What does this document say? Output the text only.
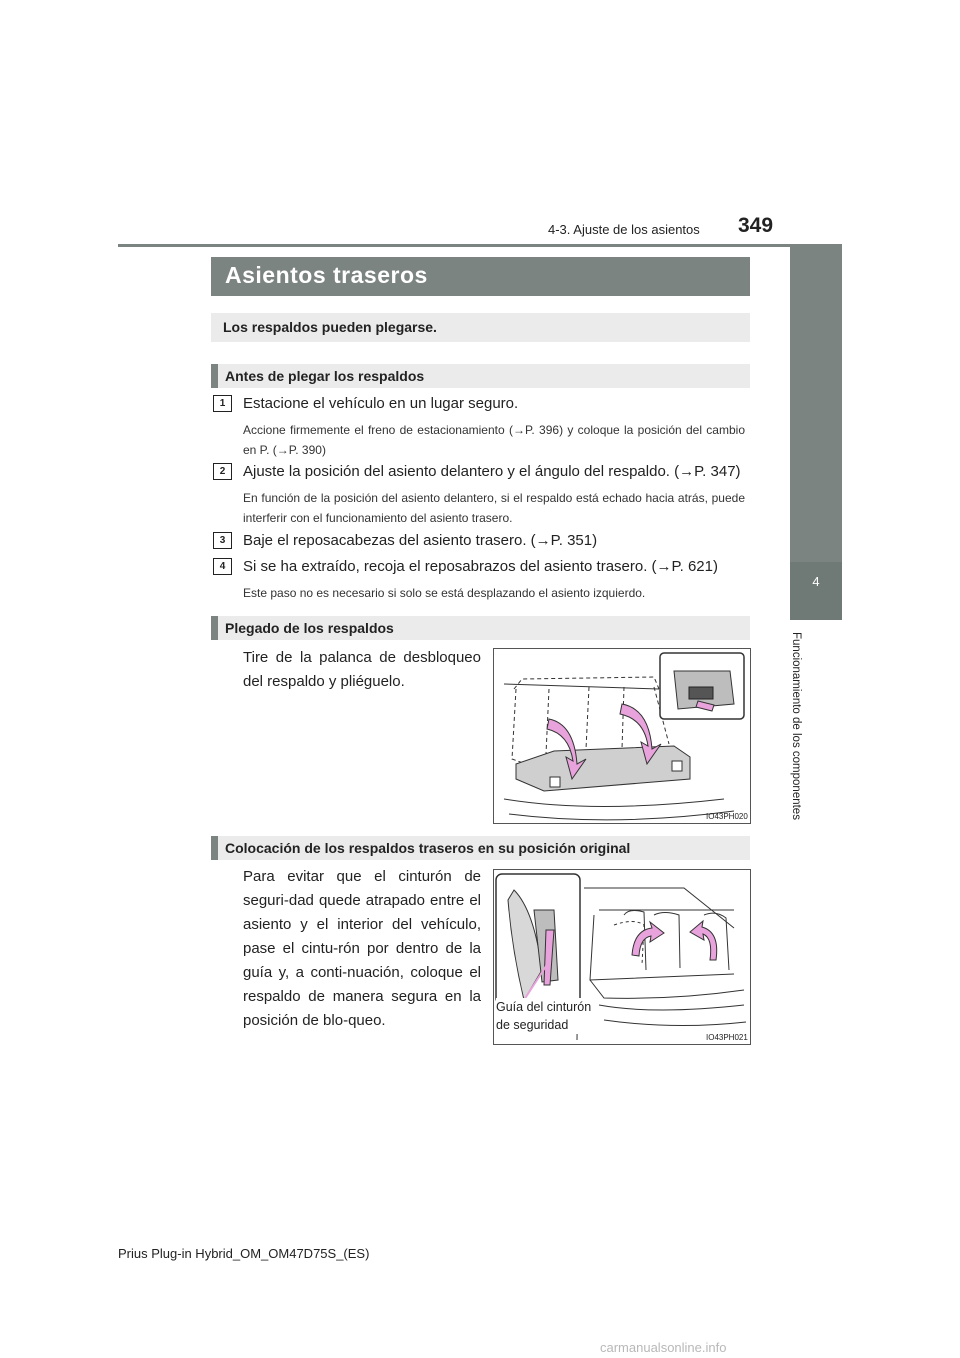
4-3. Ajuste de los asientos 349
4
Funcionamiento de los componentes
Asientos traseros
Los respaldos pueden plegarse.
Antes de plegar los respaldos
1	Estacione el vehículo en un lugar seguro.
Accione firmemente el freno de estacionamiento (→P. 396) y coloque la posición del cambio en P. (→P. 390)
2	Ajuste la posición del asiento delantero y el ángulo del respaldo. (→P. 347)
En función de la posición del asiento delantero, si el respaldo está echado hacia atrás, puede interferir con el funcionamiento del asiento trasero.
3	Baje el reposacabezas del asiento trasero. (→P. 351)
4	Si se ha extraído, recoja el reposabrazos del asiento trasero. (→P. 621)
Este paso no es necesario si solo se está desplazando el asiento izquierdo.
Plegado de los respaldos
Tire de la palanca de desbloqueo del respaldo y pliéguelo.
IO43PH020
Colocación de los respaldos traseros en su posición original
Para evitar que el cinturón de seguri-dad quede atrapado entre el asiento y el interior del vehículo, pase el cintu-rón por dentro de la guía y, a conti-nuación, coloque el respaldo de manera segura en la posición de blo-queo.
Guía del cinturón
de seguridad
IO43PH021
Prius Plug-in Hybrid_OM_OM47D75S_(ES)
carmanualsonline.info
